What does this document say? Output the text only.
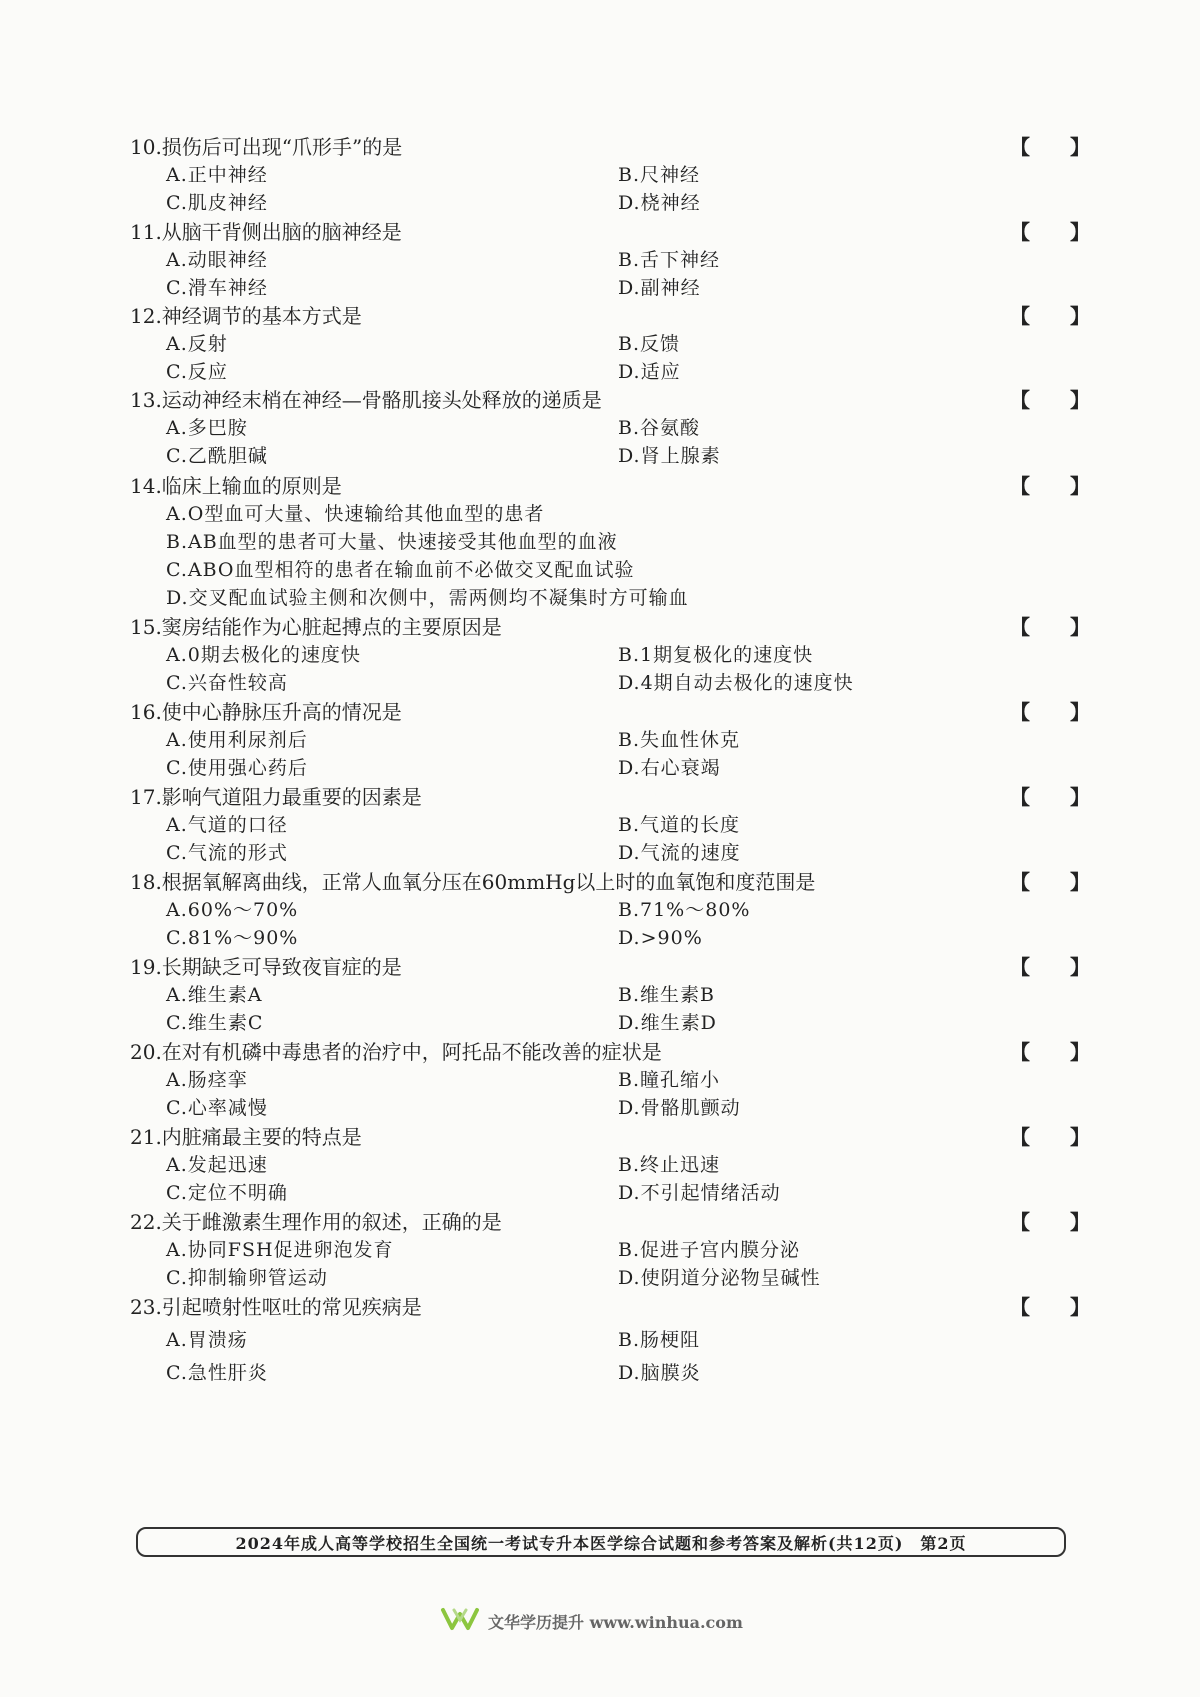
10.损伤后可出现“爪形手”的是	【　　】
A.正中神经	B.尺神经
C.肌皮神经	D.桡神经
11.从脑干背侧出脑的脑神经是	【　　】
A.动眼神经	B.舌下神经
C.滑车神经	D.副神经
12.神经调节的基本方式是	【　　】
A.反射	B.反馈
C.反应	D.适应
13.运动神经末梢在神经—骨骼肌接头处释放的递质是	【　　】
A.多巴胺	B.谷氨酸
C.乙酰胆碱	D.肾上腺素
14.临床上输血的原则是	【　　】
A.O型血可大量、快速输给其他血型的患者
B.AB血型的患者可大量、快速接受其他血型的血液
C.ABO血型相符的患者在输血前不必做交叉配血试验
D.交叉配血试验主侧和次侧中，需两侧均不凝集时方可输血
15.窦房结能作为心脏起搏点的主要原因是	【　　】
A.0期去极化的速度快	B.1期复极化的速度快
C.兴奋性较高	D.4期自动去极化的速度快
16.使中心静脉压升高的情况是	【　　】
A.使用利尿剂后	B.失血性休克
C.使用强心药后	D.右心衰竭
17.影响气道阻力最重要的因素是	【　　】
A.气道的口径	B.气道的长度
C.气流的形式	D.气流的速度
18.根据氧解离曲线，正常人血氧分压在60mmHg以上时的血氧饱和度范围是	【　　】
A.60%～70%	B.71%～80%
C.81%～90%	D.>90%
19.长期缺乏可导致夜盲症的是	【　　】
A.维生素A	B.维生素B
C.维生素C	D.维生素D
20.在对有机磷中毒患者的治疗中，阿托品不能改善的症状是	【　　】
A.肠痉挛	B.瞳孔缩小
C.心率减慢	D.骨骼肌颤动
21.内脏痛最主要的特点是	【　　】
A.发起迅速	B.终止迅速
C.定位不明确	D.不引起情绪活动
22.关于雌激素生理作用的叙述，正确的是	【　　】
A.协同FSH促进卵泡发育	B.促进子宫内膜分泌
C.抑制输卵管运动	D.使阴道分泌物呈碱性
23.引起喷射性呕吐的常见疾病是	【　　】
A.胃溃疡	B.肠梗阻
C.急性肝炎	D.脑膜炎
2024年成人高等学校招生全国统一考试专升本医学综合试题和参考答案及解析(共12页)　第2页
文华学历提升 www.winhua.com
